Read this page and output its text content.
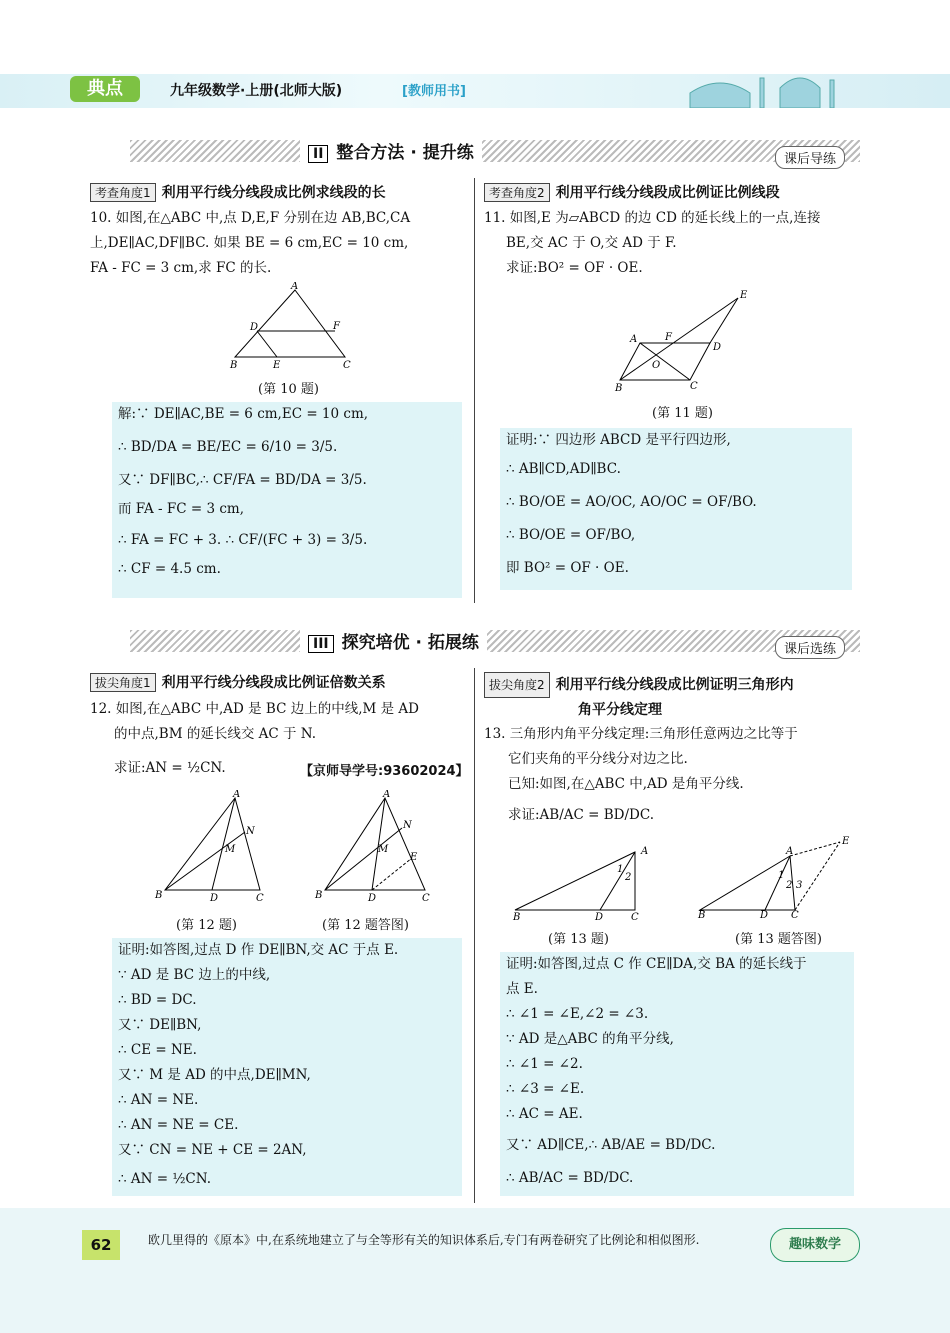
典点	九年级数学·上册(北师大版)	[教师用书]
II 整合方法 · 提升练	课后导练
考查角度1 利用平行线分线段成比例求线段的长
10. 如图,在△ABC 中,点 D,E,F 分别在边 AB,BC,CA
上,DE∥AC,DF∥BC. 如果 BE = 6 cm,EC = 10 cm,
FA - FC = 3 cm,求 FC 的长.
A
D	F
B	E	C
(第 10 题)
解:∵ DE∥AC,BE = 6 cm,EC = 10 cm,
∴ BD/DA = BE/EC = 6/10 = 3/5.
又∵ DF∥BC,∴ CF/FA = BD/DA = 3/5.
而 FA - FC = 3 cm,
∴ FA = FC + 3. ∴ CF/(FC + 3) = 3/5.
∴ CF = 4.5 cm.
考查角度2 利用平行线分线段成比例证比例线段
11. 如图,E 为▱ABCD 的边 CD 的延长线上的一点,连接
BE,交 AC 于 O,交 AD 于 F.
求证:BO² = OF · OE.
E
A	F
D
O
B	C
(第 11 题)
证明:∵ 四边形 ABCD 是平行四边形,
∴ AB∥CD,AD∥BC.
∴ BO/OE = AO/OC, AO/OC = OF/BO.
∴ BO/OE = OF/BO,
即 BO² = OF · OE.
III 探究培优 · 拓展练	课后选练
拔尖角度1 利用平行线分线段成比例证倍数关系
12. 如图,在△ABC 中,AD 是 BC 边上的中线,M 是 AD
的中点,BM 的延长线交 AC 于 N.
求证:AN = ½CN.	【京师导学号:93602024】
A
N
M
B	D	C
A
N
M
E
B	D	C
(第 12 题)	(第 12 题答图)
证明:如答图,过点 D 作 DE∥BN,交 AC 于点 E.
∵ AD 是 BC 边上的中线,
∴ BD = DC.
又∵ DE∥BN,
∴ CE = NE.
又∵ M 是 AD 的中点,DE∥MN,
∴ AN = NE.
∴ AN = NE = CE.
又∵ CN = NE + CE = 2AN,
∴ AN = ½CN.
拔尖角度2 利用平行线分线段成比例证明三角形内
角平分线定理
13. 三角形内角平分线定理:三角形任意两边之比等于
它们夹角的平分线分对边之比.
已知:如图,在△ABC 中,AD 是角平分线.
求证:AB/AC = BD/DC.
A
1
2
B	D	C
A
E
1
2 3
B	D C
(第 13 题)	(第 13 题答图)
证明:如答图,过点 C 作 CE∥DA,交 BA 的延长线于
点 E.
∴ ∠1 = ∠E,∠2 = ∠3.
∵ AD 是△ABC 的角平分线,
∴ ∠1 = ∠2.
∴ ∠3 = ∠E.
∴ AC = AE.
又∵ AD∥CE,∴ AB/AE = BD/DC.
∴ AB/AC = BD/DC.
62	欧几里得的《原本》中,在系统地建立了与全等形有关的知识体系后,专门有两卷研究了比例论和相似图形.	趣味数学
